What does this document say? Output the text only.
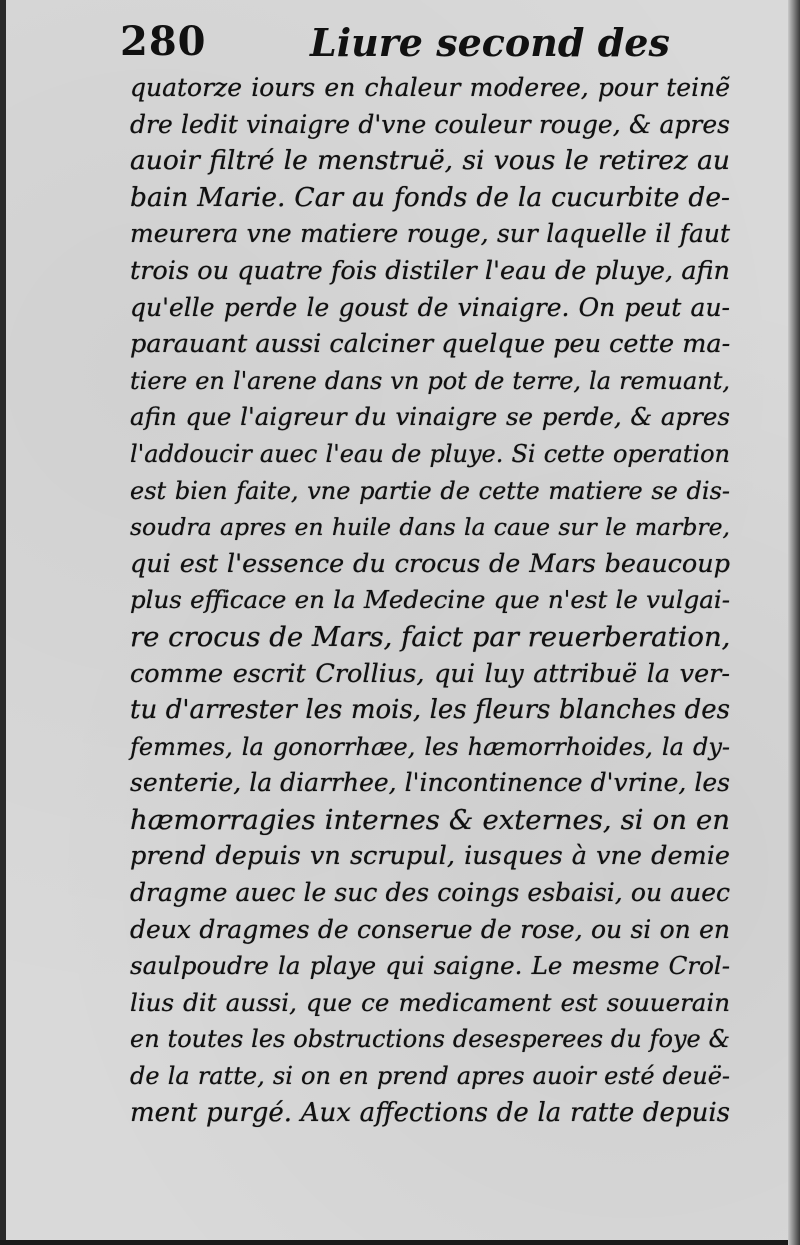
280	Liure second des
quatorze iours en chaleur moderee, pour teinẽ
dre ledit vinaigre d'vne couleur rouge, & apres
auoir filtré le menstruë, si vous le retirez au
bain Marie. Car au fonds de la cucurbite de-
meurera vne matiere rouge, sur laquelle il faut
trois ou quatre fois distiler l'eau de pluye, afin
qu'elle perde le goust de vinaigre. On peut au-
parauant aussi calciner quelque peu cette ma-
tiere en l'arene dans vn pot de terre, la remuant,
afin que l'aigreur du vinaigre se perde, & apres
l'addoucir auec l'eau de pluye. Si cette operation
est bien faite, vne partie de cette matiere se dis-
soudra apres en huile dans la caue sur le marbre,
qui est l'essence du crocus de Mars beaucoup
plus efficace en la Medecine que n'est le vulgai-
re crocus de Mars, faict par reuerberation,
comme escrit Crollius, qui luy attribuë la ver-
tu d'arrester les mois, les fleurs blanches des
femmes, la gonorrhæe, les hæmorrhoides, la dy-
senterie, la diarrhee, l'incontinence d'vrine, les
hæmorragies internes & externes, si on en
prend depuis vn scrupul, iusques à vne demie
dragme auec le suc des coings esbaisi, ou auec
deux dragmes de conserue de rose, ou si on en
saulpoudre la playe qui saigne. Le mesme Crol-
lius dit aussi, que ce medicament est souuerain
en toutes les obstructions desesperees du foye &
de la ratte, si on en prend apres auoir esté deuë-
ment purgé. Aux affections de la ratte depuis
